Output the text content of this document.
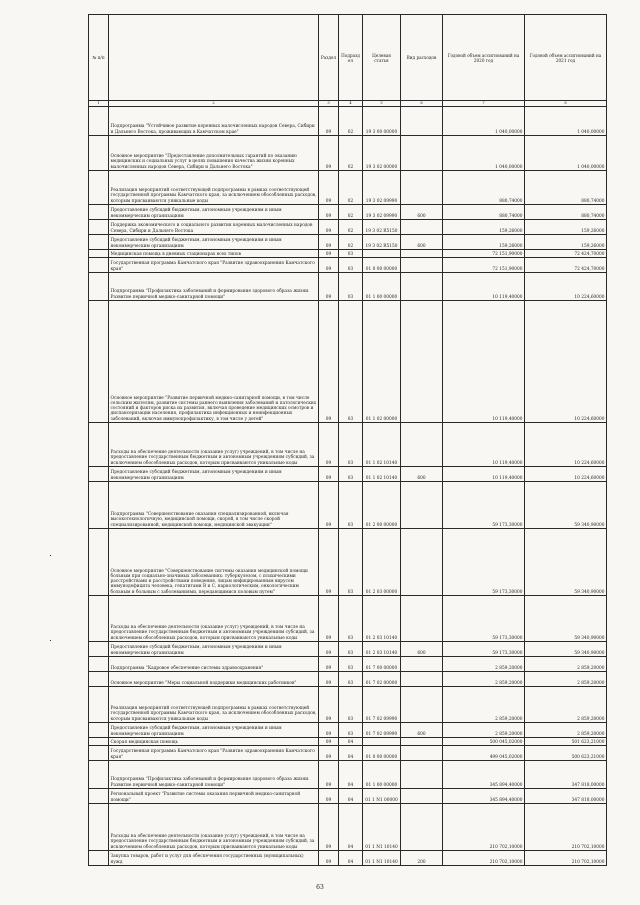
№ п/п		Раздел	Подраздел	Целевая статья	Вид расходов	Годовой объем ассигнований на 2020 год	Годовой объем ассигнований на 2021 год
1	2	3	4	5	6	7	8
	Подпрограмма "Устойчивое развитие коренных малочисленных народов Севера, Сибири и Дальнего Востока, проживающих в Камчатском крае"	09	02	19 3 00 00000		1 040,00000	1 040,00000
	Основное мероприятие "Предоставление дополнительных гарантий по оказанию медицинских и социальных услуг в целях повышения качества жизни коренных малочисленных народов Севера, Сибири и Дальнего Востока"	09	02	19 3 02 00000		1 040,00000	1 040,00000
	Реализация мероприятий соответствующей подпрограммы в рамках соответствующей государственной программы Камчатского края, за исключением обособленных расходов, которым присваиваются уникальные коды	09	02	19 3 02 09990		880,74000	880,74000
	Предоставление субсидий бюджетным, автономным учреждениям и иным некоммерческим организациям	09	02	19 3 02 09990	600	880,74000	880,74000
	Поддержка экономического и социального развития коренных малочисленных народов Севера, Сибири и Дальнего Востока	09	02	19 3 02 R5150		159,26000	159,26000
	Предоставление субсидий бюджетным, автономным учреждениям и иным некоммерческим организациям	09	02	19 3 02 R5150	600	159,26000	159,26000
	Медицинская помощь в дневных стационарах всех типов	09	03			72 151,90000	72 424,70000
	Государственная программа Камчатского края "Развитие здравоохранения Камчатского края"	09	03	01 0 00 00000		72 151,90000	72 424,70000
	Подпрограмма "Профилактика заболеваний и формирование здорового образа жизни. Развитие первичной медико-санитарной помощи"	09	03	01 1 00 00000		10 119,40000	10 224,60000
	Основное мероприятие "Развитие первичной медико-санитарной помощи, в том числе сельским жителям, развитие системы раннего выявления заболеваний и патологических состояний и факторов риска их развития, включая проведение медицинских осмотров и диспансеризации населения, профилактика инфекционных и неинфекционных заболеваний, включая иммунопрофилактику, в том числе у детей"	09	03	01 1 02 00000		10 119,40000	10 224,60000
	Расходы на обеспечение деятельности (оказание услуг) учреждений, в том числе на предоставление государственным бюджетным и автономным учреждениям субсидий, за исключением обособленных расходов, которым присваиваются уникальные коды	09	03	01 1 02 10140		10 119,40000	10 224,60000
	Предоставление субсидий бюджетным, автономным учреждениям и иным некоммерческим организациям	09	03	01 1 02 10140	600	10 119,40000	10 224,60000
	Подпрограмма "Совершенствование оказания специализированной, включая высокотехнологичную, медицинской помощи, скорой, в том числе скорой специализированной, медицинской помощи, медицинской эвакуации"	09	03	01 2 00 00000		59 173,30000	59 340,90000
	Основное мероприятие "Совершенствование системы оказания медицинской помощи больным при социально-значимых заболеваниях: туберкулезом, с психическими расстройствами и расстройствами поведения, лицам инфицированным вирусом иммунодефицита человека, гепатитами В и С, наркологическим, онкологическим больным и больным с заболеваниями, передающимися половым путем"	09	03	01 2 03 00000		59 173,30000	59 340,90000
	Расходы на обеспечение деятельности (оказание услуг) учреждений, в том числе на предоставление государственным бюджетным и автономным учреждениям субсидий, за исключением обособленных расходов, которым присваиваются уникальные коды	09	03	01 2 03 10140		59 173,30000	59 340,90000
	Предоставление субсидий бюджетным, автономным учреждениям и иным некоммерческим организациям	09	03	01 2 03 10140	600	59 173,30000	59 340,90000
	Подпрограмма "Кадровое обеспечение системы здравоохранения"	09	03	01 7 00 00000		2 859,20000	2 859,20000
	Основное мероприятие "Меры социальной поддержки медицинских работников"	09	03	01 7 02 00000		2 859,20000	2 859,20000
	Реализация мероприятий соответствующей подпрограммы в рамках соответствующей государственной программы Камчатского края, за исключением обособленных расходов, которым присваиваются уникальные коды	09	03	01 7 02 09990		2 859,20000	2 859,20000
	Предоставление субсидий бюджетным, автономным учреждениям и иным некоммерческим организациям	09	03	01 7 02 09990	600	2 859,20000	2 859,20000
	Скорая медицинская помощь	09	04			500 045,02000	501 623,21000
	Государственная программа Камчатского края "Развитие здравоохранения Камчатского края"	09	04	01 0 00 00000		499 045,02000	500 623,21000
	Подпрограмма "Профилактика заболеваний и формирование здорового образа жизни. Развитие первичной медико-санитарной помощи"	09	04	01 1 00 00000		345 894,40000	347 818,00000
	Региональный проект "Развитие системы оказания первичной медико-санитарной помощи"	09	04	01 1 N1 00000		345 894,40000	347 818,00000
	Расходы на обеспечение деятельности (оказание услуг) учреждений, в том числе на предоставление государственным бюджетным и автономным учреждениям субсидий, за исключением обособленных расходов, которым присваиваются уникальные коды	09	04	01 1 N1 10140		210 702,10000	210 702,10000
	Закупка товаров, работ и услуг для обеспечения государственных (муниципальных) нужд	09	04	01 1 N1 10140	200	210 702,10000	210 702,10000
63
